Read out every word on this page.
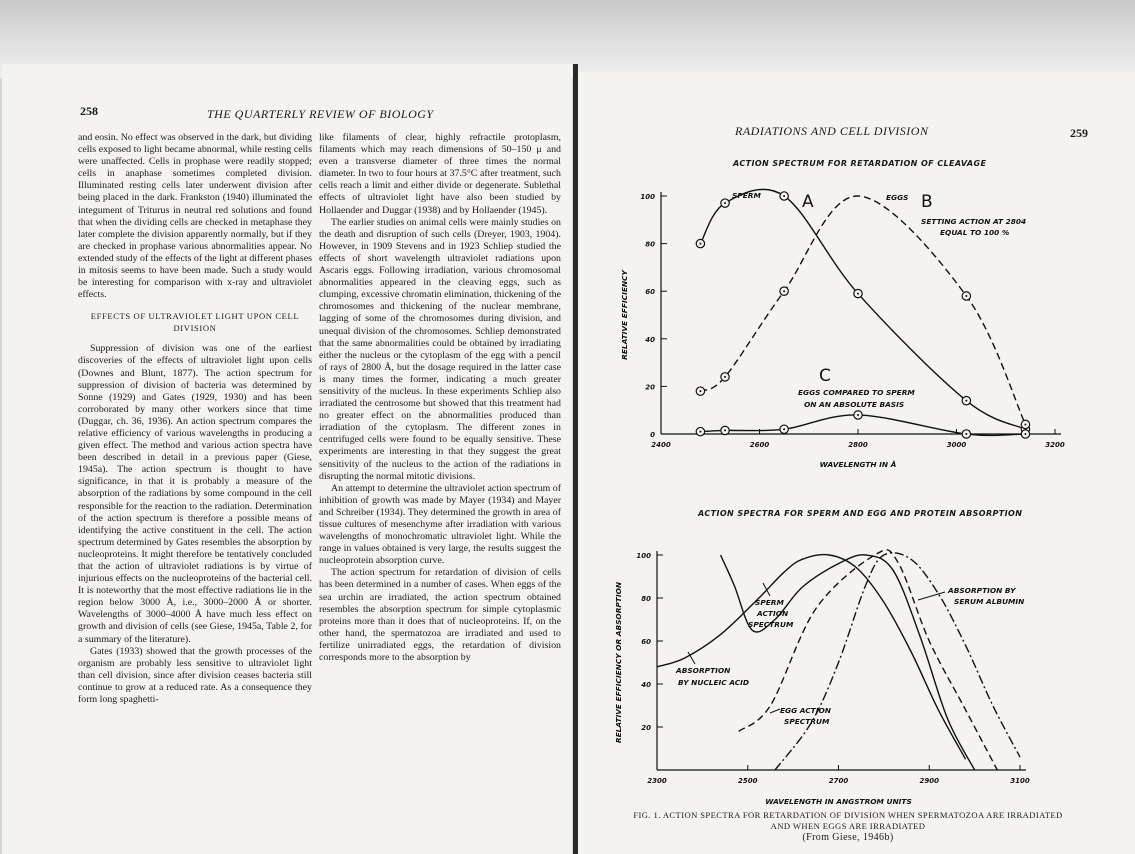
258	THE QUARTERLY REVIEW OF BIOLOGY

and eosin. No effect was observed in the dark, but dividing cells exposed to light became abnormal, while resting cells were unaffected. Cells in prophase were readily stopped; cells in anaphase sometimes completed division. Illuminated resting cells later underwent division after being placed in the dark. Frankston (1940) illuminated the integument of Triturus in neutral red solutions and found that when the dividing cells are checked in metaphase they later complete the division apparently normally, but if they are checked in prophase various abnormalities appear. No extended study of the effects of the light at different phases in mitosis seems to have been made. Such a study would be interesting for comparison with x-ray and ultraviolet effects.

EFFECTS OF ULTRAVIOLET LIGHT UPON CELL DIVISION

Suppression of division was one of the earliest discoveries of the effects of ultraviolet light upon cells (Downes and Blunt, 1877). The action spectrum for suppression of division of bacteria was determined by Sonne (1929) and Gates (1929, 1930) and has been corroborated by many other workers since that time (Duggar, ch. 36, 1936). An action spectrum compares the relative efficiency of various wavelengths in producing a given effect. The method and various action spectra have been described in detail in a previous paper (Giese, 1945a). The action spectrum is thought to have significance, in that it is probably a measure of the absorption of the radiations by some compound in the cell responsible for the reaction to the radiation. Determination of the action spectrum is therefore a possible means of identifying the active constituent in the cell. The action spectrum determined by Gates resembles the absorption by nucleoproteins. It might therefore be tentatively concluded that the action of ultraviolet radiations is by virtue of injurious effects on the nucleoproteins of the bacterial cell. It is noteworthy that the most effective radiations lie in the region below 3000 Å, i.e., 3000–2000 Å or shorter. Wavelengths of 3000–4000 Å have much less effect on growth and division of cells (see Giese, 1945a, Table 2, for a summary of the literature).

Gates (1933) showed that the growth processes of the organism are probably less sensitive to ultraviolet light than cell division, since after division ceases bacteria still continue to grow at a reduced rate. As a consequence they form long spaghetti-

like filaments of clear, highly refractile protoplasm, filaments which may reach dimensions of 50–150 μ and even a transverse diameter of three times the normal diameter. In two to four hours at 37.5°C after treatment, such cells reach a limit and either divide or degenerate. Sublethal effects of ultraviolet light have also been studied by Hollaender and Duggar (1938) and by Hollaender (1945).

The earlier studies on animal cells were mainly studies on the death and disruption of such cells (Dreyer, 1903, 1904). However, in 1909 Stevens and in 1923 Schliep studied the effects of short wavelength ultraviolet radiations upon Ascaris eggs. Following irradiation, various chromosomal abnormalities appeared in the cleaving eggs, such as clumping, excessive chromatin elimination, thickening of the chromosomes and thickening of the nuclear membrane, lagging of some of the chromosomes during division, and unequal division of the chromosomes. Schliep demonstrated that the same abnormalities could be obtained by irradiating either the nucleus or the cytoplasm of the egg with a pencil of rays of 2800 Å, but the dosage required in the latter case is many times the former, indicating a much greater sensitivity of the nucleus. In these experiments Schliep also irradiated the centrosome but showed that this treatment had no greater effect on the abnormalities produced than irradiation of the cytoplasm. The different zones in centrifuged cells were found to be equally sensitive. These experiments are interesting in that they suggest the great sensitivity of the nucleus to the action of the radiations in disrupting the normal mitotic divisions.

An attempt to determine the ultraviolet action spectrum of inhibition of growth was made by Mayer (1934) and Mayer and Schreiber (1934). They determined the growth in area of tissue cultures of mesenchyme after irradiation with various wavelengths of monochromatic ultraviolet light. While the range in values obtained is very large, the results suggest the nucleoprotein absorption curve.

The action spectrum for retardation of division of cells has been determined in a number of cases. When eggs of the sea urchin are irradiated, the action spectrum obtained resembles the absorption spectrum for simple cytoplasmic proteins more than it does that of nucleoproteins. If, on the other hand, the spermatozoa are irradiated and used to fertilize unirradiated eggs, the retardation of division corresponds more to the absorption by

RADIATIONS AND CELL DIVISION	259
ACTION SPECTRUM FOR RETARDATION OF CLEAVAGE
ACTION SPECTRA FOR SPERM AND EGG AND PROTEIN ABSORPTION
FIG. 1. ACTION SPECTRA FOR RETARDATION OF DIVISION WHEN SPERMATOZOA ARE IRRADIATED
AND WHEN EGGS ARE IRRADIATED
(From Giese, 1946b)
0
20
40
60
80
100
2400	2600	2800	3000	3200
WAVELENGTH IN Å
RELATIVE EFFICIENCY
SPERM	EGGS
A	B
C
SETTING ACTION AT 2804
EQUAL TO 100 %
EGGS COMPARED TO SPERM
ON AN ABSOLUTE BASIS
20
40
60
80
100
2300	2500	2700	2900	3100
WAVELENGTH IN ANGSTROM UNITS
RELATIVE EFFICIENCY OR ABSORPTION	SPERM
ACTION
SPECTRUM
ABSORPTION
BY NUCLEIC ACID
EGG ACTION
SPECTRUM
ABSORPTION BY
SERUM ALBUMIN
